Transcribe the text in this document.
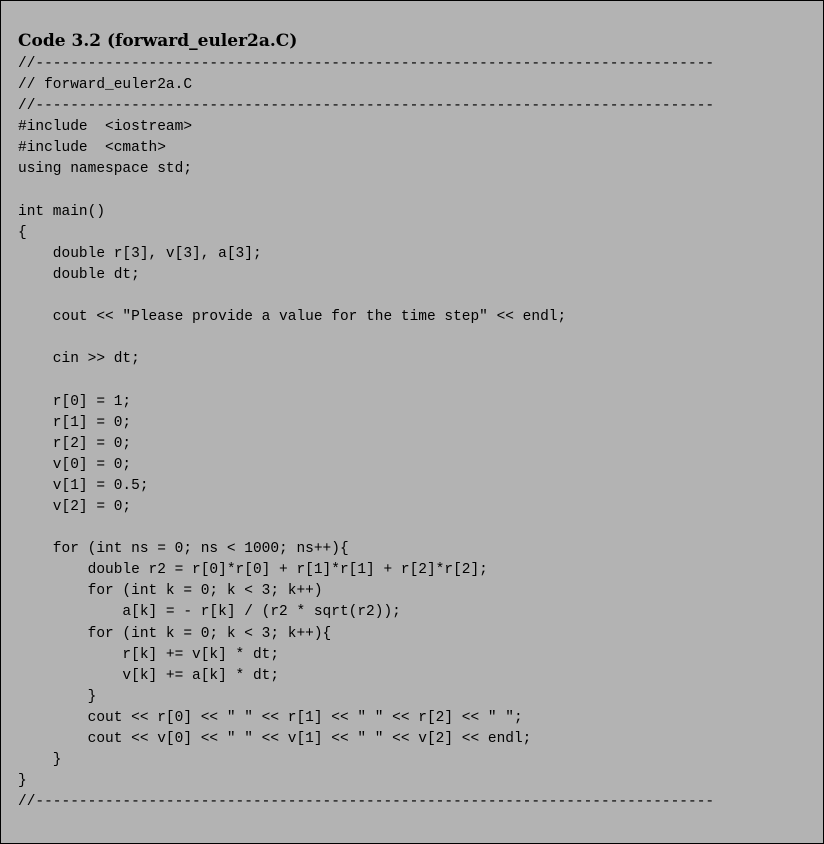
Code 3.2 (forward_euler2a.C)
//------------------------------------------------------------------------------
// forward_euler2a.C
//------------------------------------------------------------------------------
#include  <iostream>
#include  <cmath>
using namespace std;
int main()
{
double r[3], v[3], a[3];
double dt;
cout << "Please provide a value for the time step" << endl;
cin >> dt;
r[0] = 1;
r[1] = 0;
r[2] = 0;
v[0] = 0;
v[1] = 0.5;
v[2] = 0;
for (int ns = 0; ns < 1000; ns++){
double r2 = r[0]*r[0] + r[1]*r[1] + r[2]*r[2];
for (int k = 0; k < 3; k++)
a[k] = - r[k] / (r2 * sqrt(r2));
for (int k = 0; k < 3; k++){
r[k] += v[k] * dt;
v[k] += a[k] * dt;
}
cout << r[0] << " " << r[1] << " " << r[2] << " ";
cout << v[0] << " " << v[1] << " " << v[2] << endl;
}
}
//------------------------------------------------------------------------------
